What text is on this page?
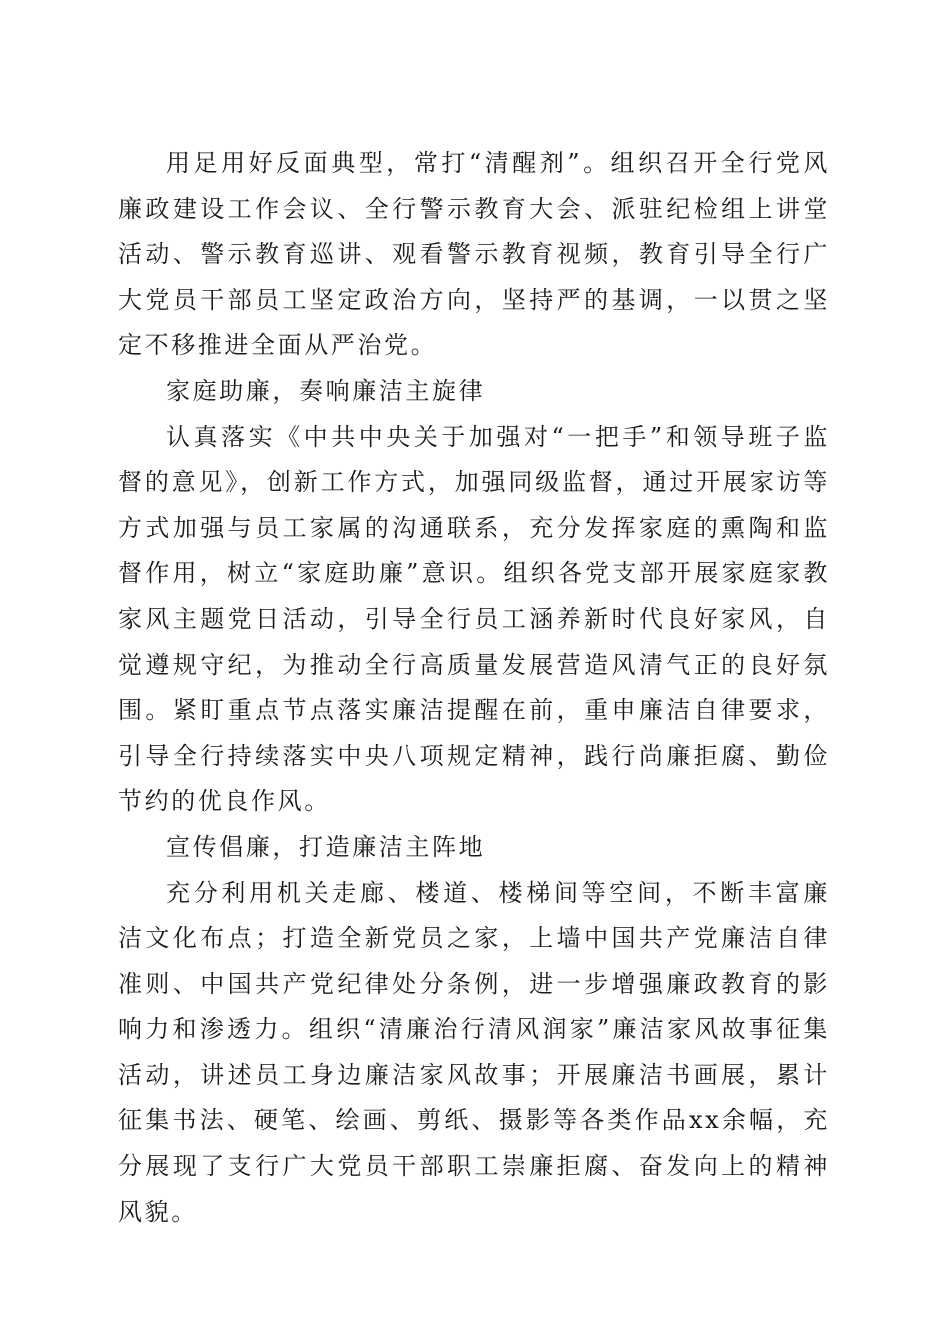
用足用好反面典型，常打“清醒剂”。组织召开全行党风廉政建设工作会议、全行警示教育大会、派驻纪检组上讲堂活动、警示教育巡讲、观看警示教育视频，教育引导全行广大党员干部员工坚定政治方向，坚持严的基调，一以贯之坚定不移推进全面从严治党。

家庭助廉，奏响廉洁主旋律

认真落实《中共中央关于加强对“一把手”和领导班子监督的意见》，创新工作方式，加强同级监督，通过开展家访等方式加强与员工家属的沟通联系，充分发挥家庭的熏陶和监督作用，树立“家庭助廉”意识。组织各党支部开展家庭家教家风主题党日活动，引导全行员工涵养新时代良好家风，自觉遵规守纪，为推动全行高质量发展营造风清气正的良好氛围。紧盯重点节点落实廉洁提醒在前，重申廉洁自律要求，引导全行持续落实中央八项规定精神，践行尚廉拒腐、勤俭节约的优良作风。

宣传倡廉，打造廉洁主阵地

充分利用机关走廊、楼道、楼梯间等空间，不断丰富廉洁文化布点；打造全新党员之家，上墙中国共产党廉洁自律准则、中国共产党纪律处分条例，进一步增强廉政教育的影响力和渗透力。组织“清廉治行清风润家”廉洁家风故事征集活动，讲述员工身边廉洁家风故事；开展廉洁书画展，累计征集书法、硬笔、绘画、剪纸、摄影等各类作品xx余幅，充分展现了支行广大党员干部职工崇廉拒腐、奋发向上的精神风貌。
